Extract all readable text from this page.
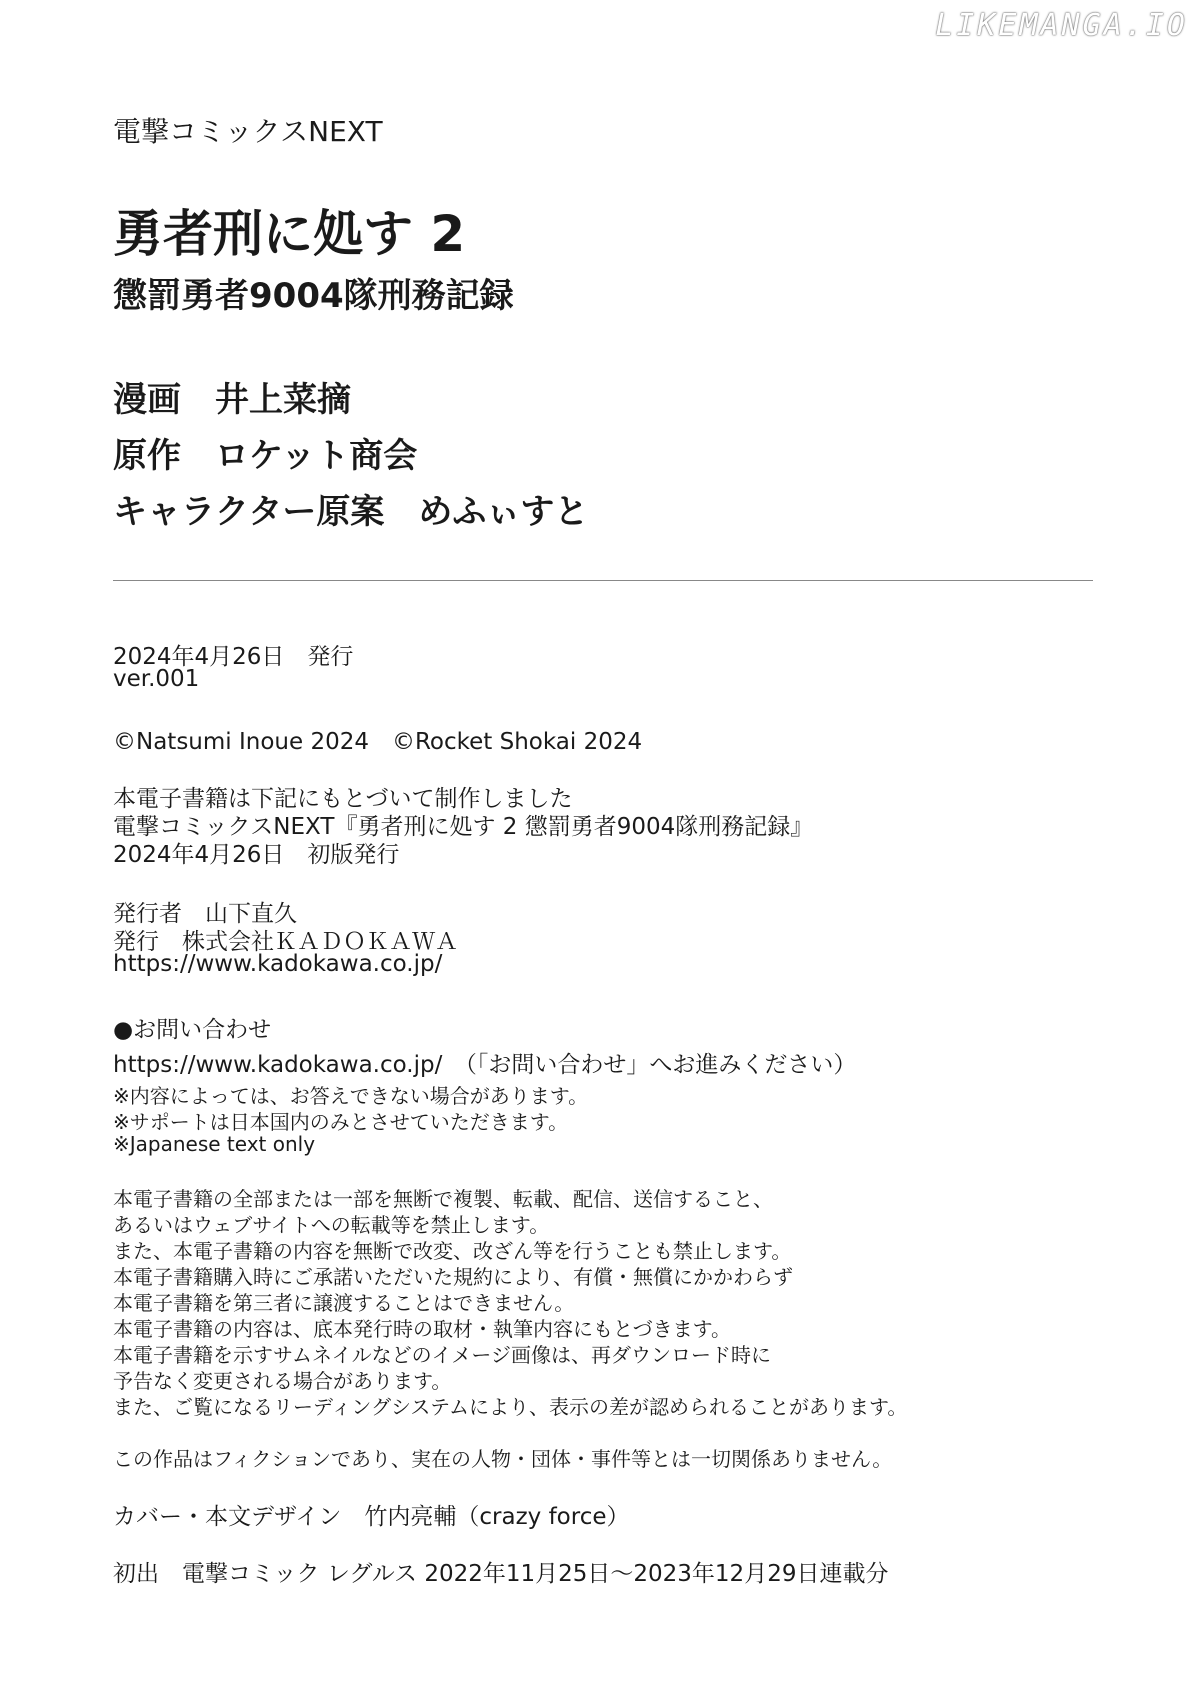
LIKEMANGA.IO
電撃コミックスNEXT
勇者刑に処す 2
懲罰勇者9004隊刑務記録
漫画　 井上菜摘
原作　 ロケット商会
キャラクター原案　 めふぃすと
2024年4月26日　発行
ver.001
©Natsumi Inoue 2024　©Rocket Shokai 2024
本電子書籍は下記にもとづいて制作しました
電撃コミックスNEXT『勇者刑に処す 2 懲罰勇者9004隊刑務記録』
2024年4月26日　初版発行
発行者　山下直久
発行　株式会社ＫＡＤＯＫＡＷＡ
https://www.kadokawa.co.jp/
●お問い合わせ
https://www.kadokawa.co.jp/　（「お問い合わせ」へお進みください）
※内容によっては、お答えできない場合があります。
※サポートは日本国内のみとさせていただきます。
※Japanese text only
本電子書籍の全部または一部を無断で複製、転載、配信、送信すること、
あるいはウェブサイトへの転載等を禁止します。
また、本電子書籍の内容を無断で改変、改ざん等を行うことも禁止します。
本電子書籍購入時にご承諾いただいた規約により、有償・無償にかかわらず
本電子書籍を第三者に譲渡することはできません。
本電子書籍の内容は、底本発行時の取材・執筆内容にもとづきます。
本電子書籍を示すサムネイルなどのイメージ画像は、再ダウンロード時に
予告なく変更される場合があります。
また、ご覧になるリーディングシステムにより、表示の差が認められることがあります。
この作品はフィクションであり、実在の人物・団体・事件等とは一切関係ありません。
カバー・本文デザイン　竹内亮輔（crazy force）
初出　電撃コミック レグルス 2022年11月25日～2023年12月29日連載分
